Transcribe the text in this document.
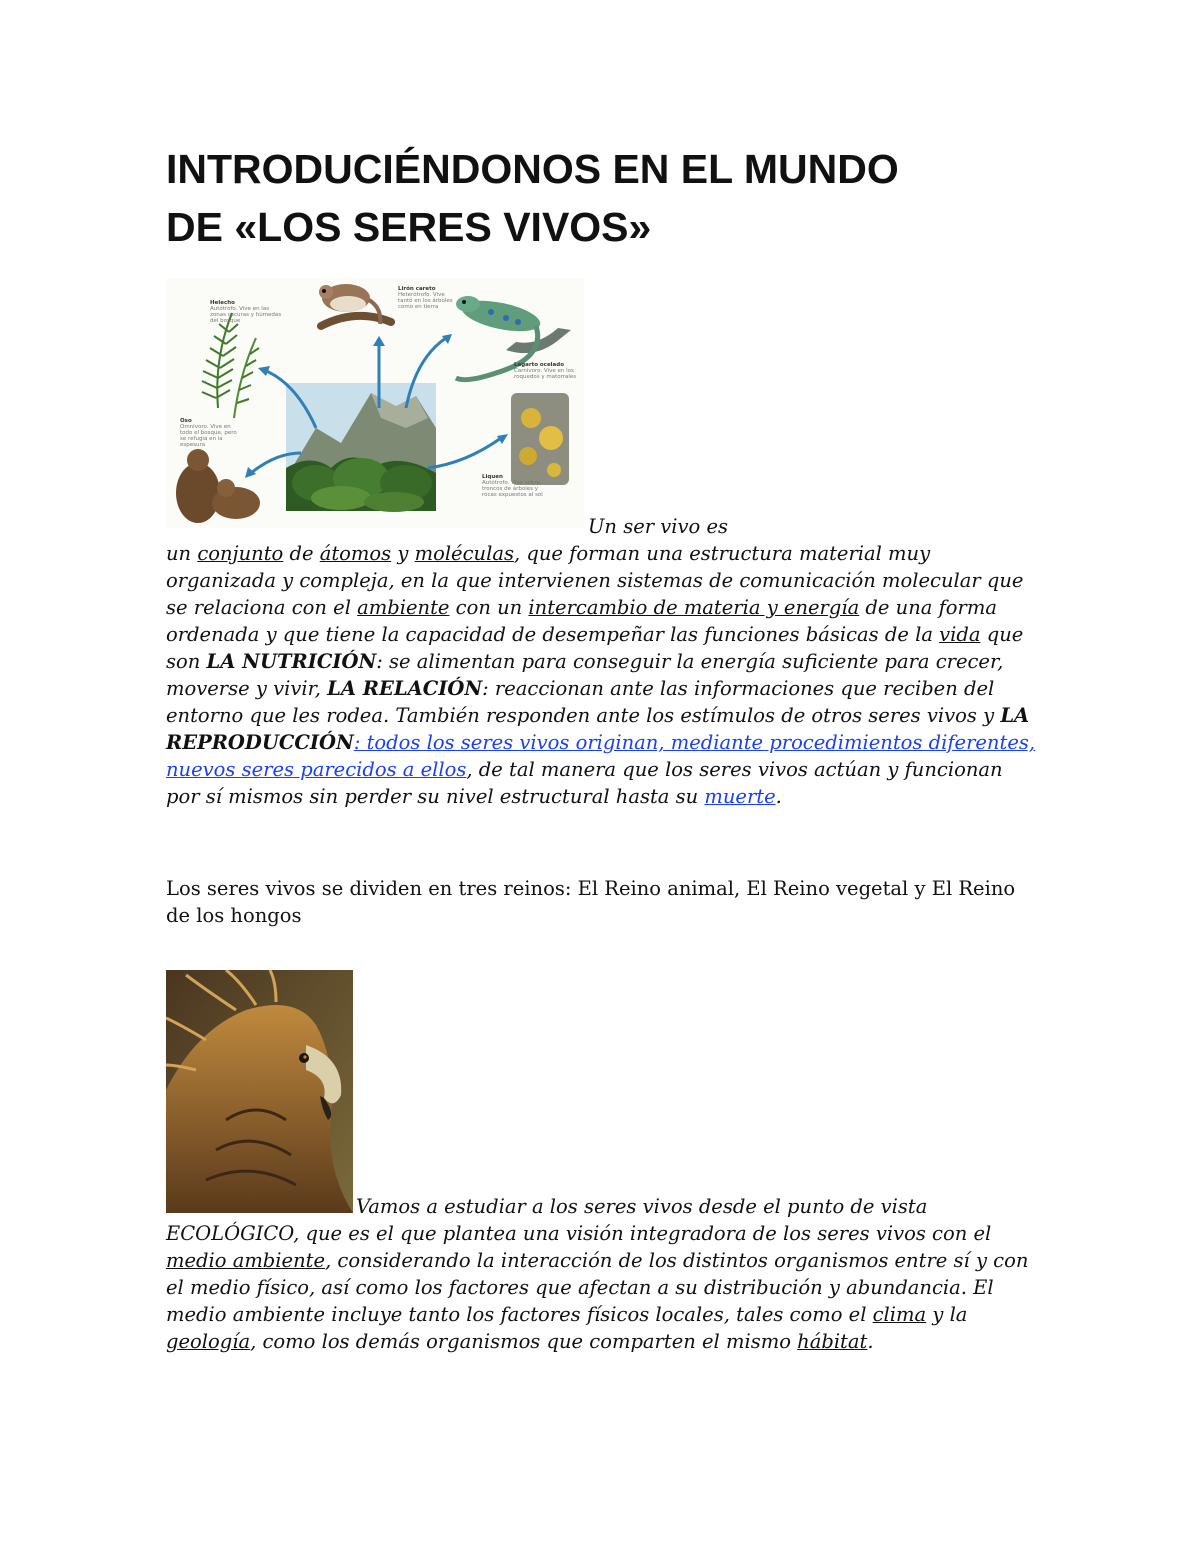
INTRODUCIÉNDONOS EN EL MUNDO
DE «LOS SERES VIVOS»
Helecho
Autótrofo. Vive en las zonas oscuras y húmedas del bosque
Lirón careto
Heterótrofo. Vive tanto en los árboles como en tierra
Lagarto ocelado
Carnívoro. Vive en los roquedos y matorrales
Oso
Omnívoro. Vive en todo el bosque, pero se refugia en la espesura
Liquen
Autótrofo. Vive sobre troncos de árboles y rocas expuestos al sol

Un ser vivo es
un conjunto de átomos y moléculas, que forman una estructura material muy organizada y compleja, en la que intervienen sistemas de comunicación molecular que se relaciona con el ambiente con un intercambio de materia y energía de una forma ordenada y que tiene la capacidad de desempeñar las funciones básicas de la vida que son LA NUTRICIÓN: se alimentan para conseguir la energía suficiente para crecer, moverse y vivir, LA RELACIÓN: reaccionan ante las informaciones que reciben del entorno que les rodea. También responden ante los estímulos de otros seres vivos y LA REPRODUCCIÓN: todos los seres vivos originan, mediante procedimientos diferentes, nuevos seres parecidos a ellos, de tal manera que los seres vivos actúan y funcionan por sí mismos sin perder su nivel estructural hasta su muerte.

Los seres vivos se dividen en tres reinos: El Reino animal, El Reino vegetal y El Reino de los hongos

Vamos a estudiar a los seres vivos desde el punto de vista ECOLÓGICO, que es el que plantea una visión integradora de los seres vivos con el medio ambiente, considerando la interacción de los distintos organismos entre sí y con el medio físico, así como los factores que afectan a su distribución y abundancia. El medio ambiente incluye tanto los factores físicos locales, tales como el clima y la geología, como los demás organismos que comparten el mismo hábitat.
